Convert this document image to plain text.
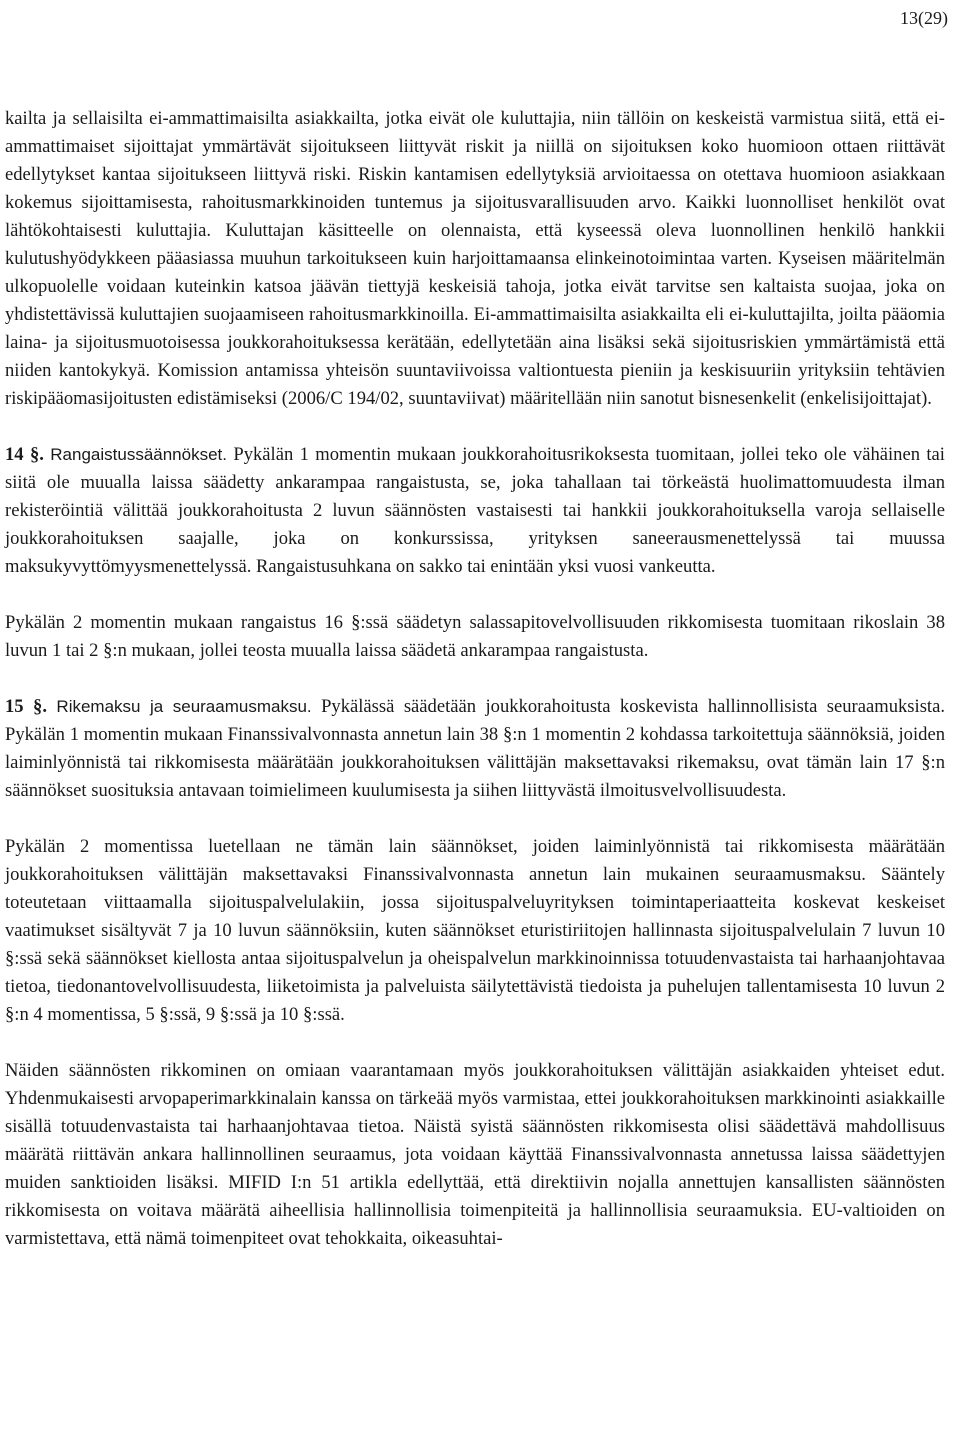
13(29)

kailta ja sellaisilta ei-ammattimaisilta asiakkailta, jotka eivät ole kuluttajia, niin tällöin on keskeistä varmistua siitä, että ei-ammattimaiset sijoittajat ymmärtävät sijoitukseen liittyvät riskit ja niillä on sijoituksen koko huomioon ottaen riittävät edellytykset kantaa sijoitukseen liittyvä riski. Riskin kantamisen edellytyksiä arvioitaessa on otettava huomioon asiakkaan kokemus sijoittamisesta, rahoitusmarkkinoiden tuntemus ja sijoitusvarallisuuden arvo. Kaikki luonnolliset henkilöt ovat lähtökohtaisesti kuluttajia. Kuluttajan käsitteelle on olennaista, että kyseessä oleva luonnollinen henkilö hankkii kulutushyödykkeen pääasiassa muuhun tarkoitukseen kuin harjoittamaansa elinkeinotoimintaa varten. Kyseisen määritelmän ulkopuolelle voidaan kuteinkin katsoa jäävän tiettyjä keskeisiä tahoja, jotka eivät tarvitse sen kaltaista suojaa, joka on yhdistettävissä kuluttajien suojaamiseen rahoitusmarkkinoilla. Ei-ammattimaisilta asiakkailta eli ei-kuluttajilta, joilta pääomia laina- ja sijoitusmuotoisessa joukkorahoituksessa kerätään, edellytetään aina lisäksi sekä sijoitusriskien ymmärtämistä että niiden kantokykyä. Komission antamissa yhteisön suuntaviivoissa valtiontuesta pieniin ja keskisuuriin yrityksiin tehtävien riskipääomasijoitusten edistämiseksi (2006/C 194/02, suuntaviivat) määritellään niin sanotut bisnesenkelit (enkelisijoittajat).

14 §. Rangaistussäännökset. Pykälän 1 momentin mukaan joukkorahoitusrikoksesta tuomitaan, jollei teko ole vähäinen tai siitä ole muualla laissa säädetty ankarampaa rangaistusta, se, joka tahallaan tai törkeästä huolimattomuudesta ilman rekisteröintiä välittää joukkorahoitusta 2 luvun säännösten vastaisesti tai hankkii joukkorahoituksella varoja sellaiselle joukkorahoituksen saajalle, joka on konkurssissa, yrityksen saneerausmenettelyssä tai muussa maksukyvyttömyysmenettelyssä. Rangaistusuhkana on sakko tai enintään yksi vuosi vankeutta.

Pykälän 2 momentin mukaan rangaistus 16 §:ssä säädetyn salassapitovelvollisuuden rikkomisesta tuomitaan rikoslain 38 luvun 1 tai 2 §:n mukaan, jollei teosta muualla laissa säädetä ankarampaa rangaistusta.

15 §. Rikemaksu ja seuraamusmaksu. Pykälässä säädetään joukkorahoitusta koskevista hallinnollisista seuraamuksista. Pykälän 1 momentin mukaan Finanssivalvonnasta annetun lain 38 §:n 1 momentin 2 kohdassa tarkoitettuja säännöksiä, joiden laiminlyönnistä tai rikkomisesta määrätään joukkorahoituksen välittäjän maksettavaksi rikemaksu, ovat tämän lain 17 §:n säännökset suosituksia antavaan toimielimeen kuulumisesta ja siihen liittyvästä ilmoitusvelvollisuudesta.

Pykälän 2 momentissa luetellaan ne tämän lain säännökset, joiden laiminlyönnistä tai rikkomisesta määrätään joukkorahoituksen välittäjän maksettavaksi Finanssivalvonnasta annetun lain mukainen seuraamusmaksu. Sääntely toteutetaan viittaamalla sijoituspalvelulakiin, jossa sijoituspalveluyrityksen toimintaperiaatteita koskevat keskeiset vaatimukset sisältyvät 7 ja 10 luvun säännöksiin, kuten säännökset eturistiriitojen hallinnasta sijoituspalvelulain 7 luvun 10 §:ssä sekä säännökset kiellosta antaa sijoituspalvelun ja oheispalvelun markkinoinnissa totuudenvastaista tai harhaanjohtavaa tietoa, tiedonantovelvollisuudesta, liiketoimista ja palveluista säilytettävistä tiedoista ja puhelujen tallentamisesta 10 luvun 2 §:n 4 momentissa, 5 §:ssä, 9 §:ssä ja 10 §:ssä.

Näiden säännösten rikkominen on omiaan vaarantamaan myös joukkorahoituksen välittäjän asiakkaiden yhteiset edut. Yhdenmukaisesti arvopaperimarkkinalain kanssa on tärkeää myös varmistaa, ettei joukkorahoituksen markkinointi asiakkaille sisällä totuudenvastaista tai harhaanjohtavaa tietoa. Näistä syistä säännösten rikkomisesta olisi säädettävä mahdollisuus määrätä riittävän ankara hallinnollinen seuraamus, jota voidaan käyttää Finanssivalvonnasta annetussa laissa säädettyjen muiden sanktioiden lisäksi. MIFID I:n 51 artikla edellyttää, että direktiivin nojalla annettujen kansallisten säännösten rikkomisesta on voitava määrätä aiheellisia hallinnollisia toimenpiteitä ja hallinnollisia seuraamuksia. EU-valtioiden on varmistettava, että nämä toimenpiteet ovat tehokkaita, oikeasuhtai-
